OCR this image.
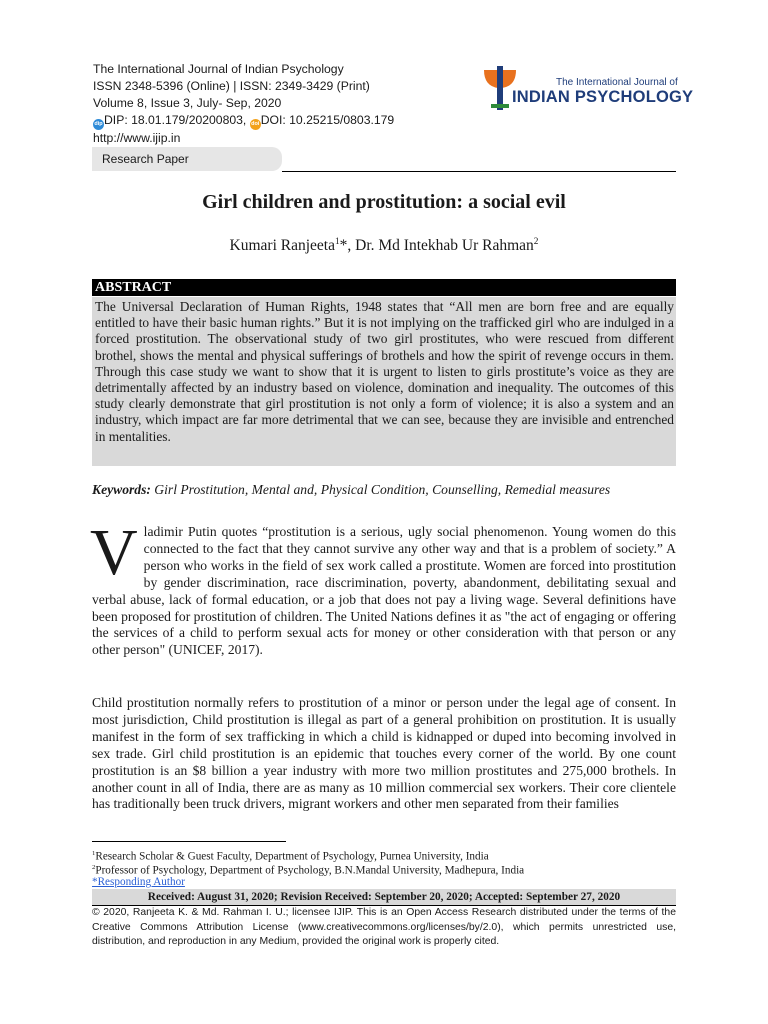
The International Journal of Indian Psychology
ISSN 2348-5396 (Online) | ISSN: 2349-3429 (Print)
Volume 8, Issue 3, July- Sep, 2020
dipDIP: 18.01.179/20200803, doiDOI: 10.25215/0803.179
http://www.ijip.in
The International Journal of
INDIAN PSYCHOLOGY
Research Paper
Girl children and prostitution: a social evil
Kumari Ranjeeta$^1$*, Dr. Md Intekhab Ur Rahman$^2$
ABSTRACT
The Universal Declaration of Human Rights, 1948 states that “All men are born free and are equally entitled to have their basic human rights.” But it is not implying on the trafficked girl who are indulged in a forced prostitution. The observational study of two girl prostitutes, who were rescued from different brothel, shows the mental and physical sufferings of brothels and how the spirit of revenge occurs in them. Through this case study we want to show that it is urgent to listen to girls prostitute’s voice as they are detrimentally affected by an industry based on violence, domination and inequality. The outcomes of this study clearly demonstrate that girl prostitution is not only a form of violence; it is also a system and an industry, which impact are far more detrimental that we can see, because they are invisible and entrenched in mentalities.
Keywords: Girl Prostitution, Mental and, Physical Condition, Counselling, Remedial measures
Vladimir Putin quotes “prostitution is a serious, ugly social phenomenon. Young women do this connected to the fact that they cannot survive any other way and that is a problem of society.” A person who works in the field of sex work called a prostitute. Women are forced into prostitution by gender discrimination, race discrimination, poverty, abandonment, debilitating sexual and verbal abuse, lack of formal education, or a job that does not pay a living wage. Several definitions have been proposed for prostitution of children. The United Nations defines it as "the act of engaging or offering the services of a child to perform sexual acts for money or other consideration with that person or any other person" (UNICEF, 2017).
Child prostitution normally refers to prostitution of a minor or person under the legal age of consent. In most jurisdiction, Child prostitution is illegal as part of a general prohibition on prostitution. It is usually manifest in the form of sex trafficking in which a child is kidnapped or duped into becoming involved in sex trade. Girl child prostitution is an epidemic that touches every corner of the world. By one count prostitution is an $8 billion a year industry with more two million prostitutes and 275,000 brothels. In another count in all of India, there are as many as 10 million commercial sex workers. Their core clientele has traditionally been truck drivers, migrant workers and other men separated from their families
$^1$Research Scholar & Guest Faculty, Department of Psychology, Purnea University, India
$^2$Professor of Psychology, Department of Psychology, B.N.Mandal University, Madhepura, India
*Responding Author
Received: August 31, 2020; Revision Received: September 20, 2020; Accepted: September 27, 2020
© 2020, Ranjeeta K. & Md. Rahman I. U.; licensee IJIP. This is an Open Access Research distributed under the terms of the Creative Commons Attribution License (www.creativecommons.org/licenses/by/2.0), which permits unrestricted use, distribution, and reproduction in any Medium, provided the original work is properly cited.
